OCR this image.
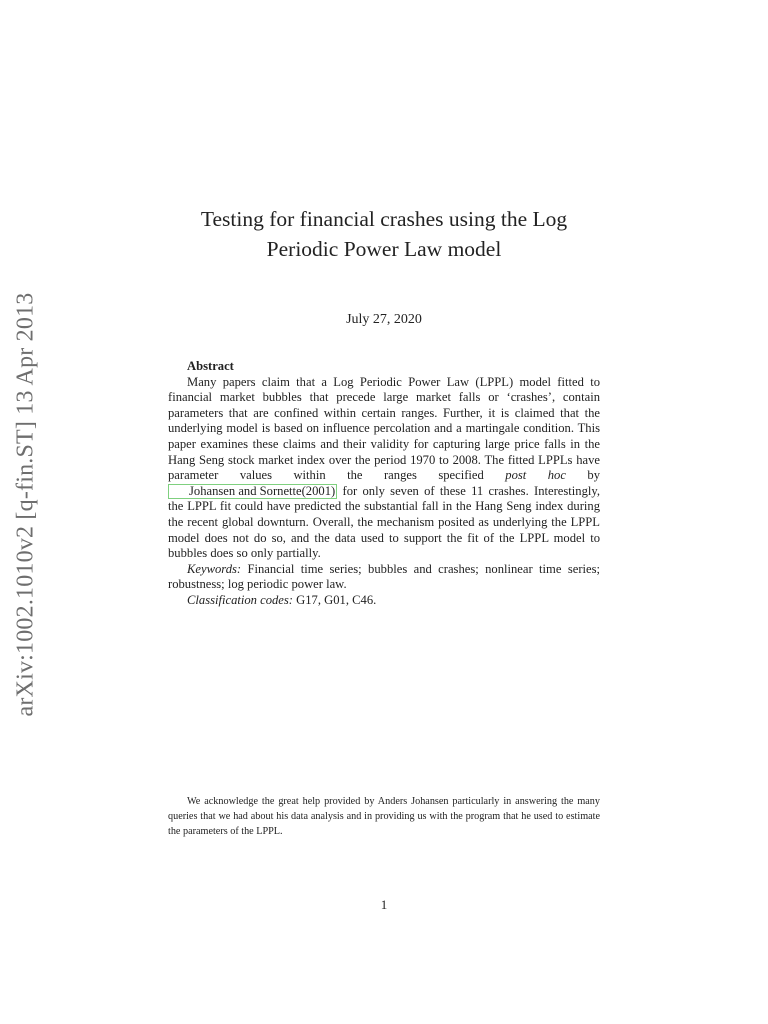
arXiv:1002.1010v2 [q-fin.ST] 13 Apr 2013
Testing for financial crashes using the Log
Periodic Power Law model
July 27, 2020
Abstract

Many papers claim that a Log Periodic Power Law (LPPL) model fitted to financial market bubbles that precede large market falls or ‘crashes’, contain parameters that are confined within certain ranges. Further, it is claimed that the underlying model is based on influence percolation and a martingale condition. This paper examines these claims and their validity for capturing large price falls in the Hang Seng stock market index over the period 1970 to 2008. The fitted LPPLs have parameter values within the ranges specified post hoc by Johansen and Sornette(2001) for only seven of these 11 crashes. Interestingly, the LPPL fit could have predicted the substantial fall in the Hang Seng index during the recent global downturn. Overall, the mechanism posited as underlying the LPPL model does not do so, and the data used to support the fit of the LPPL model to bubbles does so only partially.

Keywords: Financial time series; bubbles and crashes; nonlinear time series; robustness; log periodic power law.

Classification codes: G17, G01, C46.

We acknowledge the great help provided by Anders Johansen particularly in answering the many queries that we had about his data analysis and in providing us with the program that he used to estimate the parameters of the LPPL.

1
